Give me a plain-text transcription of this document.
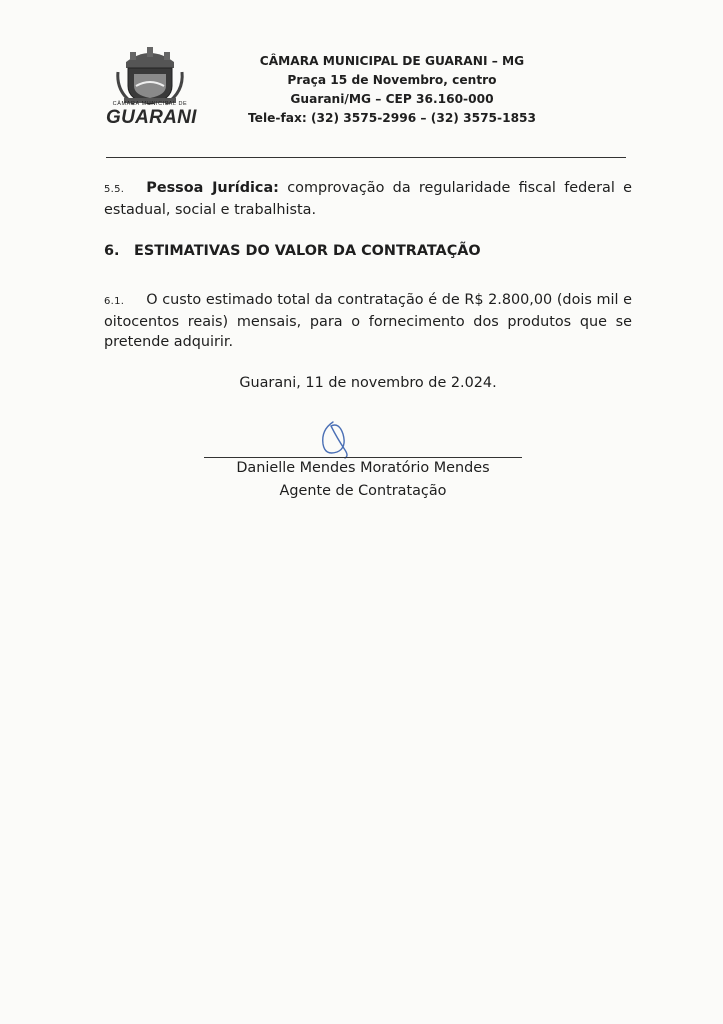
CÂMARA MUNICIPAL DE
GUARANI
CÂMARA MUNICIPAL DE GUARANI – MG
Praça 15 de Novembro, centro
Guarani/MG – CEP 36.160-000
Tele-fax: (32) 3575-2996 – (32) 3575-1853
5.5. Pessoa Jurídica: comprovação da regularidade fiscal federal e estadual, social e trabalhista.
6. ESTIMATIVAS DO VALOR DA CONTRATAÇÃO
6.1. O custo estimado total da contratação é de R$ 2.800,00 (dois mil e oitocentos reais) mensais, para o fornecimento dos produtos que se pretende adquirir.
Guarani, 11 de novembro de 2.024.
Danielle Mendes Moratório Mendes
Agente de Contratação
